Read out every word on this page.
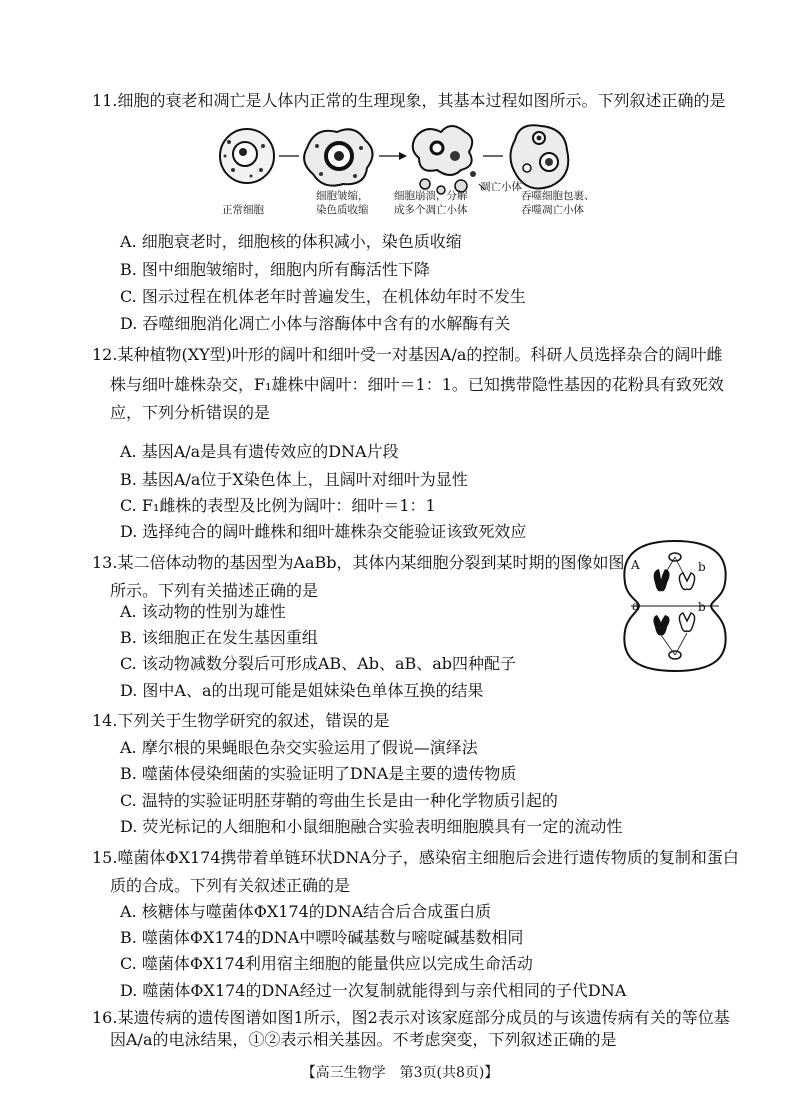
11.细胞的衰老和凋亡是人体内正常的生理现象，其基本过程如图所示。下列叙述正确的是
正常细胞
细胞皱缩，
染色质收缩
细胞崩溃，分解
成多个凋亡小体
凋亡小体
吞噬细胞包裹、
吞噬凋亡小体
A. 细胞衰老时，细胞核的体积减小，染色质收缩
B. 图中细胞皱缩时，细胞内所有酶活性下降
C. 图示过程在机体老年时普遍发生，在机体幼年时不发生
D. 吞噬细胞消化凋亡小体与溶酶体中含有的水解酶有关
12.某种植物(XY型)叶形的阔叶和细叶受一对基因A/a的控制。科研人员选择杂合的阔叶雌
株与细叶雄株杂交，F₁雄株中阔叶：细叶＝1：1。已知携带隐性基因的花粉具有致死效
应，下列分析错误的是
A. 基因A/a是具有遗传效应的DNA片段
B. 基因A/a位于X染色体上，且阔叶对细叶为显性
C. F₁雌株的表型及比例为阔叶：细叶＝1：1
D. 选择纯合的阔叶雌株和细叶雄株杂交能验证该致死效应
13.某二倍体动物的基因型为AaBb，其体内某细胞分裂到某时期的图像如图
所示。下列有关描述正确的是
A	b
a	b
A. 该动物的性别为雄性
B. 该细胞正在发生基因重组
C. 该动物减数分裂后可形成AB、Ab、aB、ab四种配子
D. 图中A、a的出现可能是姐妹染色单体互换的结果
14.下列关于生物学研究的叙述，错误的是
A. 摩尔根的果蝇眼色杂交实验运用了假说—演绎法
B. 噬菌体侵染细菌的实验证明了DNA是主要的遗传物质
C. 温特的实验证明胚芽鞘的弯曲生长是由一种化学物质引起的
D. 荧光标记的人细胞和小鼠细胞融合实验表明细胞膜具有一定的流动性
15.噬菌体ΦX174携带着单链环状DNA分子，感染宿主细胞后会进行遗传物质的复制和蛋白
质的合成。下列有关叙述正确的是
A. 核糖体与噬菌体ΦX174的DNA结合后合成蛋白质
B. 噬菌体ΦX174的DNA中嘌呤碱基数与嘧啶碱基数相同
C. 噬菌体ΦX174利用宿主细胞的能量供应以完成生命活动
D. 噬菌体ΦX174的DNA经过一次复制就能得到与亲代相同的子代DNA
16.某遗传病的遗传图谱如图1所示，图2表示对该家庭部分成员的与该遗传病有关的等位基
因A/a的电泳结果，①②表示相关基因。不考虑突变，下列叙述正确的是
【高三生物学　第3页(共8页)】
